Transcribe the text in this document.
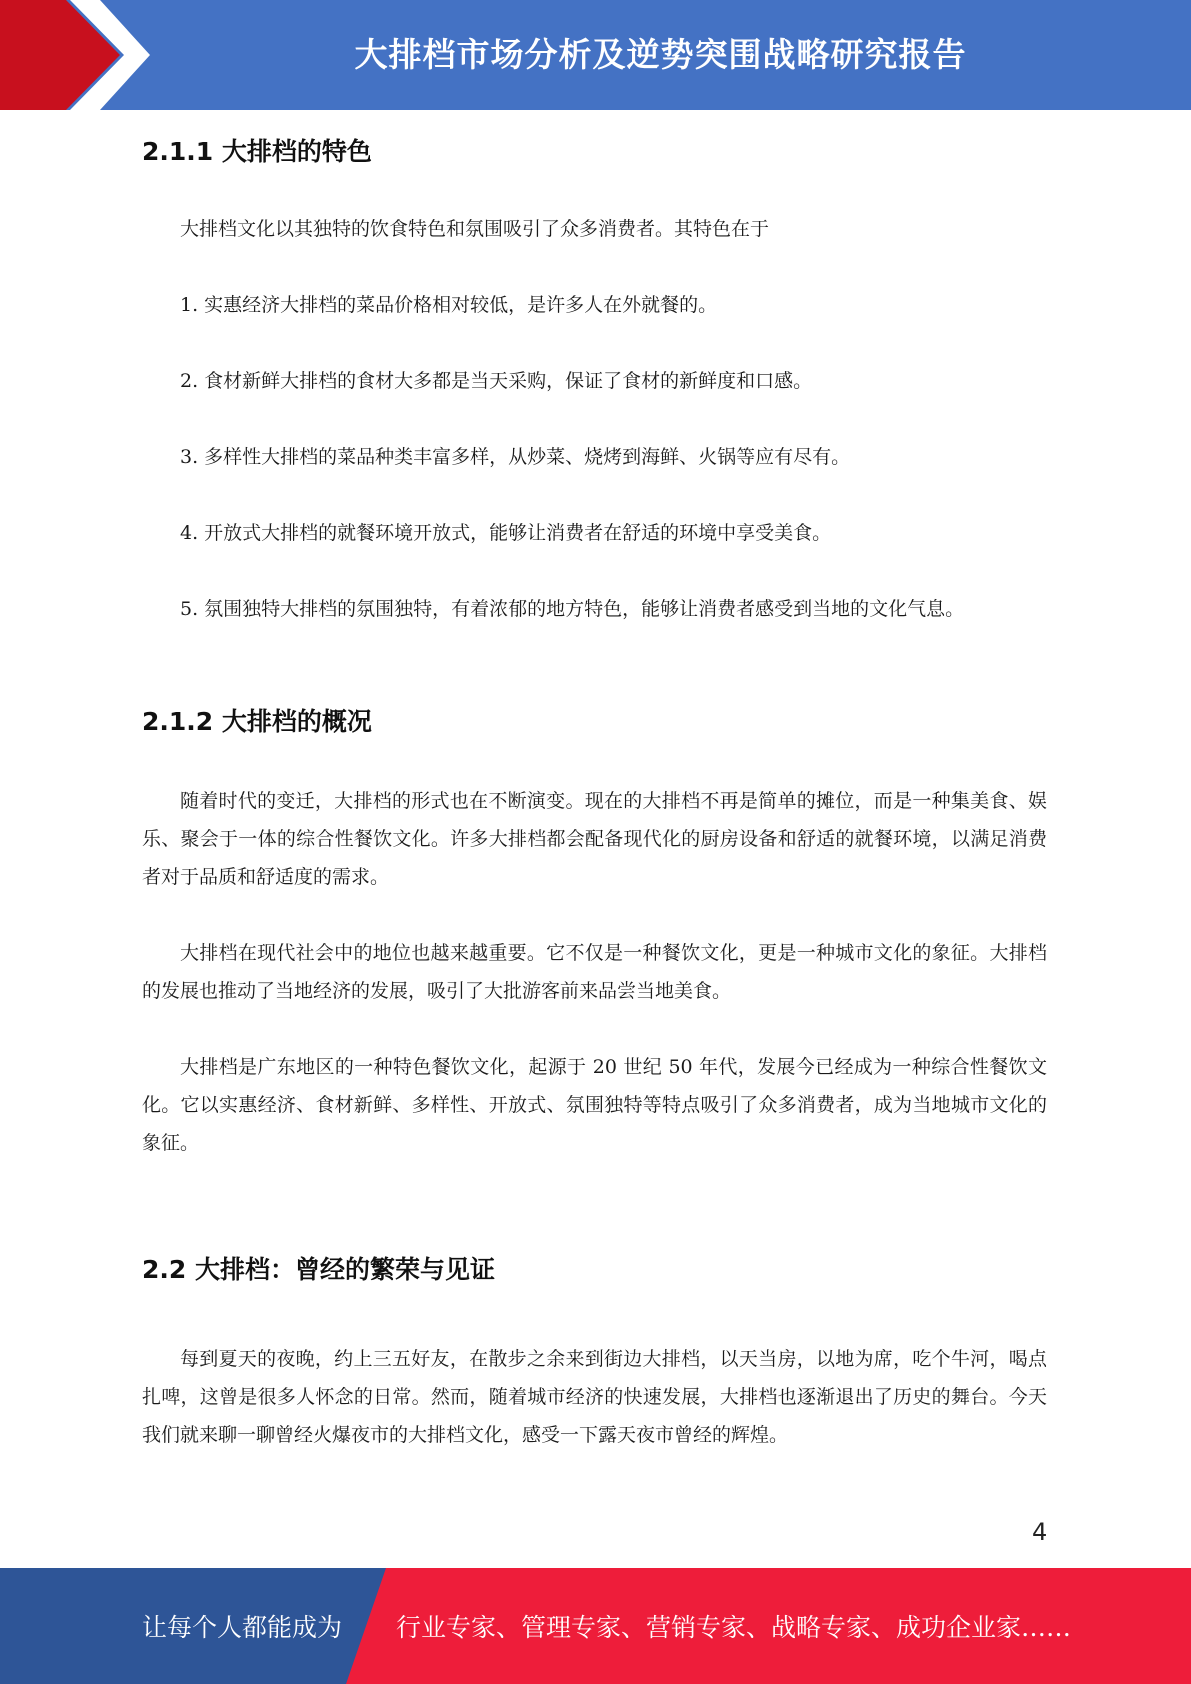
大排档市场分析及逆势突围战略研究报告
2.1.1 大排档的特色

大排档文化以其独特的饮食特色和氛围吸引了众多消费者。其特色在于

1. 实惠经济大排档的菜品价格相对较低，是许多人在外就餐的。

2. 食材新鲜大排档的食材大多都是当天采购，保证了食材的新鲜度和口感。

3. 多样性大排档的菜品种类丰富多样，从炒菜、烧烤到海鲜、火锅等应有尽有。

4. 开放式大排档的就餐环境开放式，能够让消费者在舒适的环境中享受美食。

5. 氛围独特大排档的氛围独特，有着浓郁的地方特色，能够让消费者感受到当地的文化气息。

2.1.2 大排档的概况

随着时代的变迁，大排档的形式也在不断演变。现在的大排档不再是简单的摊位，而是一种集美食、娱乐、聚会于一体的综合性餐饮文化。许多大排档都会配备现代化的厨房设备和舒适的就餐环境，以满足消费者对于品质和舒适度的需求。

大排档在现代社会中的地位也越来越重要。它不仅是一种餐饮文化，更是一种城市文化的象征。大排档的发展也推动了当地经济的发展，吸引了大批游客前来品尝当地美食。

大排档是广东地区的一种特色餐饮文化，起源于 20 世纪 50 年代，发展今已经成为一种综合性餐饮文化。它以实惠经济、食材新鲜、多样性、开放式、氛围独特等特点吸引了众多消费者，成为当地城市文化的象征。

2.2 大排档：曾经的繁荣与见证

每到夏天的夜晚，约上三五好友，在散步之余来到街边大排档，以天当房，以地为席，吃个牛河，喝点扎啤，这曾是很多人怀念的日常。然而，随着城市经济的快速发展，大排档也逐渐退出了历史的舞台。今天我们就来聊一聊曾经火爆夜市的大排档文化，感受一下露天夜市曾经的辉煌。

4
让每个人都能成为 行业专家、管理专家、营销专家、战略专家、成功企业家……
